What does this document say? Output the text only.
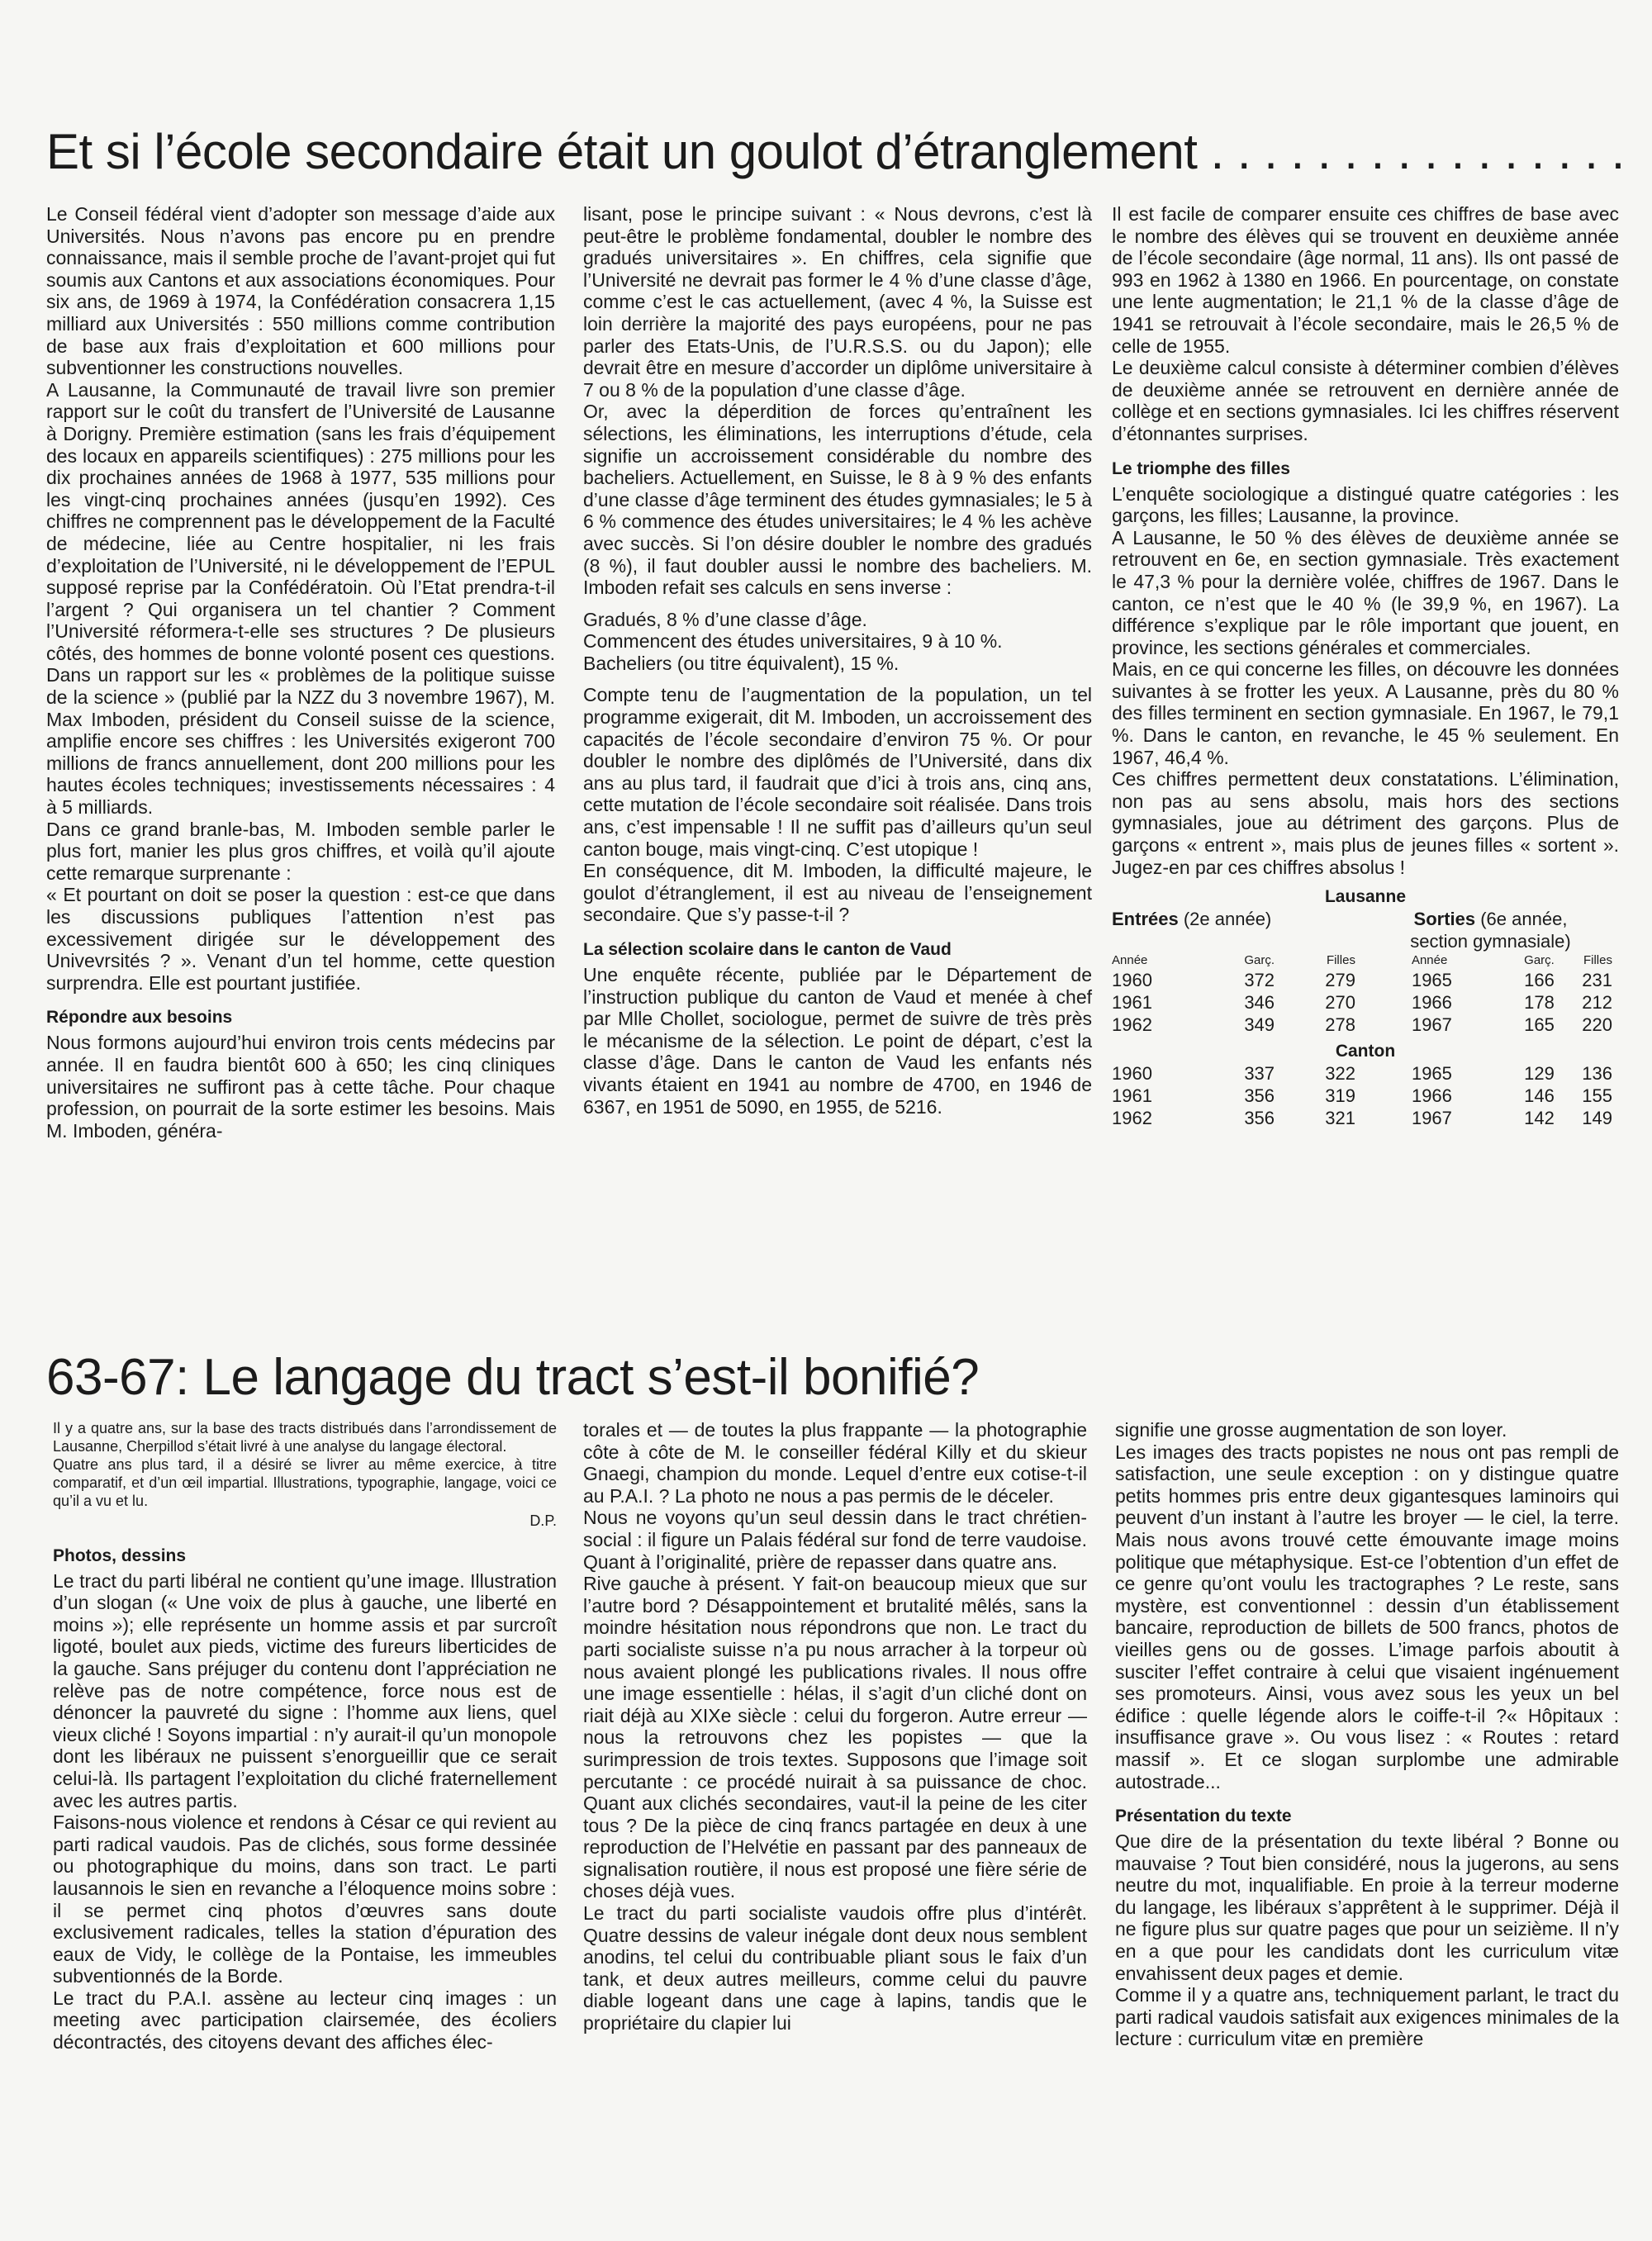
Et si l’école secondaire était un goulot d’étranglement . . . . . . . . . . . . . . . .

Le Conseil fédéral vient d’adopter son message d’aide aux Universités. Nous n’avons pas encore pu en prendre connaissance, mais il semble proche de l’avant-projet qui fut soumis aux Cantons et aux associations économiques. Pour six ans, de 1969 à 1974, la Confédération consacrera 1,15 milliard aux Universités : 550 millions comme contribution de base aux frais d’exploitation et 600 millions pour subventionner les constructions nouvelles.

A Lausanne, la Communauté de travail livre son premier rapport sur le coût du transfert de l’Université de Lausanne à Dorigny. Première estimation (sans les frais d’équipement des locaux en appareils scientifiques) : 275 millions pour les dix prochaines années de 1968 à 1977, 535 millions pour les vingt-cinq prochaines années (jusqu’en 1992). Ces chiffres ne comprennent pas le développement de la Faculté de médecine, liée au Centre hospitalier, ni les frais d’exploitation de l’Université, ni le développement de l’EPUL supposé reprise par la Confédératoin. Où l’Etat prendra-t-il l’argent ? Qui organisera un tel chantier ? Comment l’Université réformera-t-elle ses structures ? De plusieurs côtés, des hommes de bonne volonté posent ces questions. Dans un rapport sur les « problèmes de la politique suisse de la science » (publié par la NZZ du 3 novembre 1967), M. Max Imboden, président du Conseil suisse de la science, amplifie encore ses chiffres : les Universités exigeront 700 millions de francs annuellement, dont 200 millions pour les hautes écoles techniques; investissements nécessaires : 4 à 5 milliards.

Dans ce grand branle-bas, M. Imboden semble parler le plus fort, manier les plus gros chiffres, et voilà qu’il ajoute cette remarque surprenante :

« Et pourtant on doit se poser la question : est-ce que dans les discussions publiques l’attention n’est pas excessivement dirigée sur le développement des Univevrsités ? ». Venant d’un tel homme, cette question surprendra. Elle est pourtant justifiée.

Répondre aux besoins

Nous formons aujourd’hui environ trois cents médecins par année. Il en faudra bientôt 600 à 650; les cinq cliniques universitaires ne suffiront pas à cette tâche. Pour chaque profession, on pourrait de la sorte estimer les besoins. Mais M. Imboden, généra-

lisant, pose le principe suivant : « Nous devrons, c’est là peut-être le problème fondamental, doubler le nombre des gradués universitaires ». En chiffres, cela signifie que l’Université ne devrait pas former le 4 % d’une classe d’âge, comme c’est le cas actuellement, (avec 4 %, la Suisse est loin derrière la majorité des pays européens, pour ne pas parler des Etats-Unis, de l’U.R.S.S. ou du Japon); elle devrait être en mesure d’accorder un diplôme universitaire à 7 ou 8 % de la population d’une classe d’âge.

Or, avec la déperdition de forces qu’entraînent les sélections, les éliminations, les interruptions d’étude, cela signifie un accroissement considérable du nombre des bacheliers. Actuellement, en Suisse, le 8 à 9 % des enfants d’une classe d’âge terminent des études gymnasiales; le 5 à 6 % commence des études universitaires; le 4 % les achève avec succès. Si l’on désire doubler le nombre des gradués (8 %), il faut doubler aussi le nombre des bacheliers. M. Imboden refait ses calculs en sens inverse :

Gradués, 8 % d’une classe d’âge.

Commencent des études universitaires, 9 à 10 %.

Bacheliers (ou titre équivalent), 15 %.

Compte tenu de l’augmentation de la population, un tel programme exigerait, dit M. Imboden, un accroissement des capacités de l’école secondaire d’environ 75 %. Or pour doubler le nombre des diplômés de l’Université, dans dix ans au plus tard, il faudrait que d’ici à trois ans, cinq ans, cette mutation de l’école secondaire soit réalisée. Dans trois ans, c’est impensable ! Il ne suffit pas d’ailleurs qu’un seul canton bouge, mais vingt-cinq. C’est utopique !

En conséquence, dit M. Imboden, la difficulté majeure, le goulot d’étranglement, il est au niveau de l’enseignement secondaire. Que s’y passe-t-il ?

La sélection scolaire dans le canton de Vaud

Une enquête récente, publiée par le Département de l’instruction publique du canton de Vaud et menée à chef par Mlle Chollet, sociologue, permet de suivre de très près le mécanisme de la sélection. Le point de départ, c’est la classe d’âge. Dans le canton de Vaud les enfants nés vivants étaient en 1941 au nombre de 4700, en 1946 de 6367, en 1951 de 5090, en 1955, de 5216.

Il est facile de comparer ensuite ces chiffres de base avec le nombre des élèves qui se trouvent en deuxième année de l’école secondaire (âge normal, 11 ans). Ils ont passé de 993 en 1962 à 1380 en 1966. En pourcentage, on constate une lente augmentation; le 21,1 % de la classe d’âge de 1941 se retrouvait à l’école secondaire, mais le 26,5 % de celle de 1955.

Le deuxième calcul consiste à déterminer combien d’élèves de deuxième année se retrouvent en dernière année de collège et en sections gymnasiales. Ici les chiffres réservent d’étonnantes surprises.

Le triomphe des filles

L’enquête sociologique a distingué quatre catégories : les garçons, les filles; Lausanne, la province.

A Lausanne, le 50 % des élèves de deuxième année se retrouvent en 6e, en section gymnasiale. Très exactement le 47,3 % pour la dernière volée, chiffres de 1967. Dans le canton, ce n’est que le 40 % (le 39,9 %, en 1967). La différence s’explique par le rôle important que jouent, en province, les sections générales et commerciales.

Mais, en ce qui concerne les filles, on découvre les données suivantes à se frotter les yeux. A Lausanne, près du 80 % des filles terminent en section gymnasiale. En 1967, le 79,1 %. Dans le canton, en revanche, le 45 % seulement. En 1967, 46,4 %.

Ces chiffres permettent deux constatations. L’élimination, non pas au sens absolu, mais hors des sections gymnasiales, joue au détriment des garçons. Plus de garçons « entrent », mais plus de jeunes filles « sortent ». Jugez-en par ces chiffres absolus !

Lausanne
Entrées (2e année)			Sorties (6e année,
section gymnasiale)		
Année	Garç.	Filles	Année	Garç.	Filles
1960	372	279	1965	166	231
1961	346	270	1966	178	212
1962	349	278	1967	165	220
Canton					
1960	337	322	1965	129	136
1961	356	319	1966	146	155
1962	356	321	1967	142	149
63-67: Le langage du tract s’est-il bonifié?

Il y a quatre ans, sur la base des tracts distribués dans l’arrondissement de Lausanne, Cherpillod s’était livré à une analyse du langage électoral.

Quatre ans plus tard, il a désiré se livrer au même exercice, à titre comparatif, et d’un œil impartial. Illustrations, typographie, langage, voici ce qu’il a vu et lu.

D.P.

Photos, dessins

Le tract du parti libéral ne contient qu’une image. Illustration d’un slogan (« Une voix de plus à gauche, une liberté en moins »); elle représente un homme assis et par surcroît ligoté, boulet aux pieds, victime des fureurs liberticides de la gauche. Sans préjuger du contenu dont l’appréciation ne relève pas de notre compétence, force nous est de dénoncer la pauvreté du signe : l’homme aux liens, quel vieux cliché ! Soyons impartial : n’y aurait-il qu’un monopole dont les libéraux ne puissent s’enorgueillir que ce serait celui-là. Ils partagent l’exploitation du cliché fraternellement avec les autres partis.

Faisons-nous violence et rendons à César ce qui revient au parti radical vaudois. Pas de clichés, sous forme dessinée ou photographique du moins, dans son tract. Le parti lausannois le sien en revanche a l’éloquence moins sobre : il se permet cinq photos d’œuvres sans doute exclusivement radicales, telles la station d’épuration des eaux de Vidy, le collège de la Pontaise, les immeubles subventionnés de la Borde.

Le tract du P.A.I. assène au lecteur cinq images : un meeting avec participation clairsemée, des écoliers décontractés, des citoyens devant des affiches élec-

torales et — de toutes la plus frappante — la photographie côte à côte de M. le conseiller fédéral Killy et du skieur Gnaegi, champion du monde. Lequel d’entre eux cotise-t-il au P.A.I. ? La photo ne nous a pas permis de le déceler.

Nous ne voyons qu’un seul dessin dans le tract chrétien-social : il figure un Palais fédéral sur fond de terre vaudoise. Quant à l’originalité, prière de repasser dans quatre ans.

Rive gauche à présent. Y fait-on beaucoup mieux que sur l’autre bord ? Désappointement et brutalité mêlés, sans la moindre hésitation nous répondrons que non. Le tract du parti socialiste suisse n’a pu nous arracher à la torpeur où nous avaient plongé les publications rivales. Il nous offre une image essentielle : hélas, il s’agit d’un cliché dont on riait déjà au XIXe siècle : celui du forgeron. Autre erreur — nous la retrouvons chez les popistes — que la surimpression de trois textes. Supposons que l’image soit percutante : ce procédé nuirait à sa puissance de choc. Quant aux clichés secondaires, vaut-il la peine de les citer tous ? De la pièce de cinq francs partagée en deux à une reproduction de l’Helvétie en passant par des panneaux de signalisation routière, il nous est proposé une fière série de choses déjà vues.

Le tract du parti socialiste vaudois offre plus d’intérêt. Quatre dessins de valeur inégale dont deux nous semblent anodins, tel celui du contribuable pliant sous le faix d’un tank, et deux autres meilleurs, comme celui du pauvre diable logeant dans une cage à lapins, tandis que le propriétaire du clapier lui

signifie une grosse augmentation de son loyer.

Les images des tracts popistes ne nous ont pas rempli de satisfaction, une seule exception : on y distingue quatre petits hommes pris entre deux gigantesques laminoirs qui peuvent d’un instant à l’autre les broyer — le ciel, la terre. Mais nous avons trouvé cette émouvante image moins politique que métaphysique. Est-ce l’obtention d’un effet de ce genre qu’ont voulu les tractographes ? Le reste, sans mystère, est conventionnel : dessin d’un établissement bancaire, reproduction de billets de 500 francs, photos de vieilles gens ou de gosses. L’image parfois aboutit à susciter l’effet contraire à celui que visaient ingénuement ses promoteurs. Ainsi, vous avez sous les yeux un bel édifice : quelle légende alors le coiffe-t-il ?« Hôpitaux : insuffisance grave ». Ou vous lisez : « Routes : retard massif ». Et ce slogan surplombe une admirable autostrade...

Présentation du texte

Que dire de la présentation du texte libéral ? Bonne ou mauvaise ? Tout bien considéré, nous la jugerons, au sens neutre du mot, inqualifiable. En proie à la terreur moderne du langage, les libéraux s’apprêtent à le supprimer. Déjà il ne figure plus sur quatre pages que pour un seizième. Il n’y en a que pour les candidats dont les curriculum vitæ envahissent deux pages et demie.

Comme il y a quatre ans, techniquement parlant, le tract du parti radical vaudois satisfait aux exigences minimales de la lecture : curriculum vitæ en première
